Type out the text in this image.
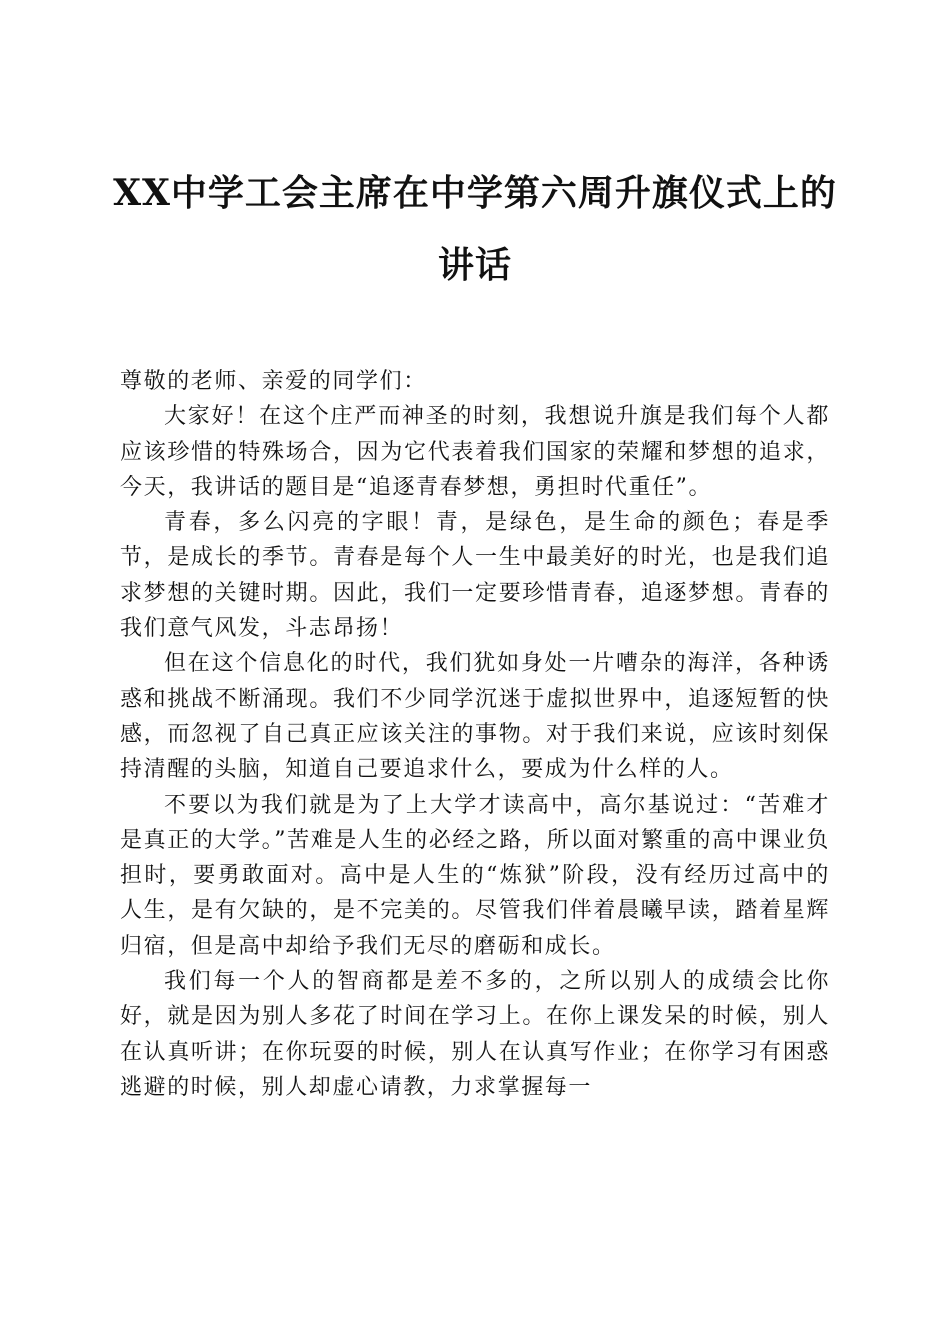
XX中学工会主席在中学第六周升旗仪式上的
讲话

尊敬的老师、亲爱的同学们：

大家好！在这个庄严而神圣的时刻，我想说升旗是我们每个人都应该珍惜的特殊场合，因为它代表着我们国家的荣耀和梦想的追求，今天，我讲话的题目是“追逐青春梦想，勇担时代重任”。

青春，多么闪亮的字眼！青，是绿色，是生命的颜色；春是季节，是成长的季节。青春是每个人一生中最美好的时光，也是我们追求梦想的关键时期。因此，我们一定要珍惜青春，追逐梦想。青春的我们意气风发，斗志昂扬！

但在这个信息化的时代，我们犹如身处一片嘈杂的海洋，各种诱惑和挑战不断涌现。我们不少同学沉迷于虚拟世界中，追逐短暂的快感，而忽视了自己真正应该关注的事物。对于我们来说，应该时刻保持清醒的头脑，知道自己要追求什么，要成为什么样的人。

不要以为我们就是为了上大学才读高中，高尔基说过：“苦难才是真正的大学。”苦难是人生的必经之路，所以面对繁重的高中课业负担时，要勇敢面对。高中是人生的“炼狱”阶段，没有经历过高中的人生，是有欠缺的，是不完美的。尽管我们伴着晨曦早读，踏着星辉归宿，但是高中却给予我们无尽的磨砺和成长。

我们每一个人的智商都是差不多的，之所以别人的成绩会比你好，就是因为别人多花了时间在学习上。在你上课发呆的时候，别人在认真听讲；在你玩耍的时候，别人在认真写作业；在你学习有困惑逃避的时候，别人却虚心请教，力求掌握每一
